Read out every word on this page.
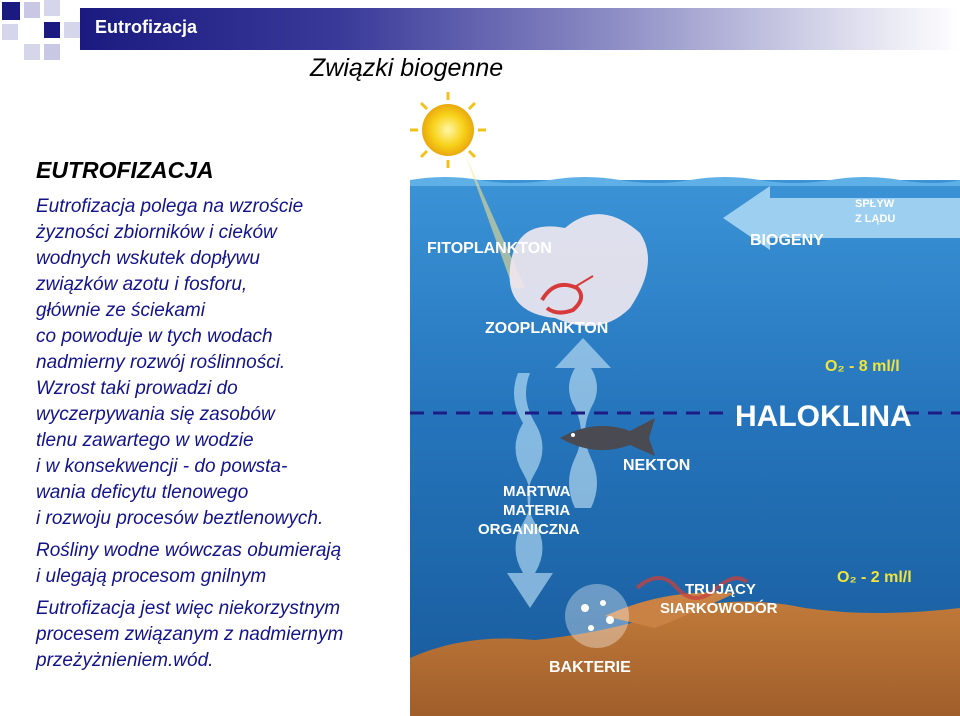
Eutrofizacja
Związki biogenne
EUTROFIZACJA
Eutrofizacja polega na wzroście
żyzności zbiorników i cieków
wodnych wskutek dopływu
związków azotu i fosforu,
głównie ze ściekami
co powoduje w tych wodach
nadmierny rozwój roślinności.
Wzrost taki prowadzi do
wyczerpywania się zasobów
tlenu zawartego w wodzie
i w konsekwencji - do powsta-
wania deficytu tlenowego
i rozwoju procesów beztlenowych.
Rośliny wodne wówczas obumierają
i ulegają procesom gnilnym
Eutrofizacja jest więc niekorzystnym
procesem związanym z nadmiernym
przeżyżnieniem.wód.
SPŁYW
Z LĄDU
BIOGENY
FITOPLANKTON
ZOOPLANKTON
O₂ - 8 ml/l
HALOKLINA
NEKTON
MARTWA
MATERIA
ORGANICZNA
TRUJĄCY
SIARKOWODÓR
O₂ - 2 ml/l
BAKTERIE
